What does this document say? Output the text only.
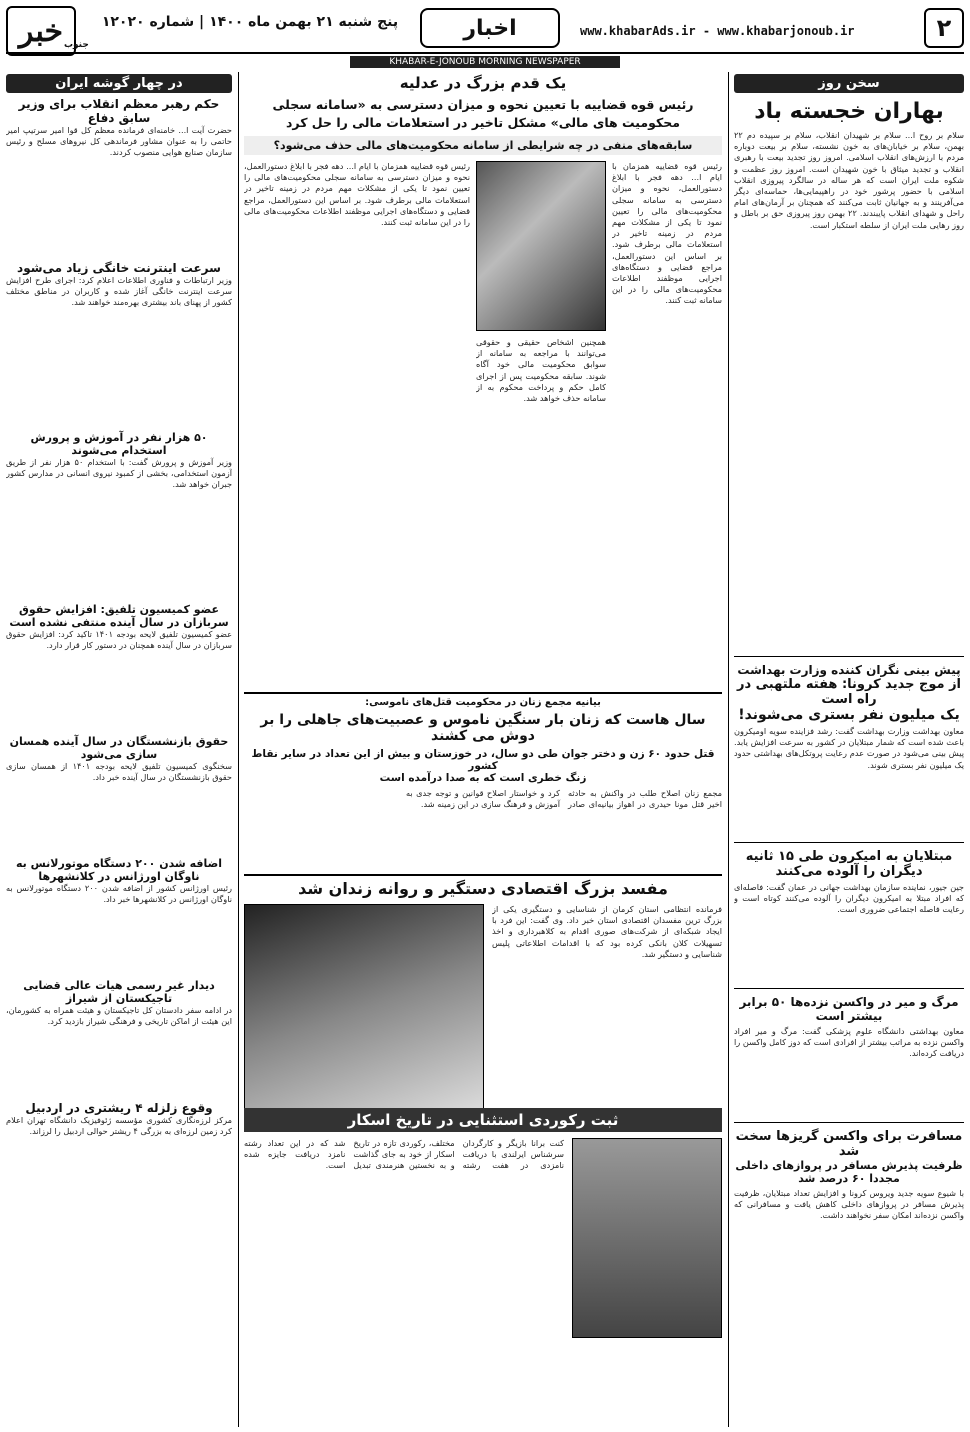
خبر جنوب
پنج شنبه ۲۱ بهمن ماه ۱۴۰۰ | شماره ۱۲۰۲۰	اخبار	www.khabarAds.ir - www.khabarjonoub.ir	۲
KHABAR-E-JONOUB MORNING NEWSPAPER
سخن روز
بهاران خجسته باد
سلام بر روح ا... سلام بر شهیدان انقلاب، سلام بر سپیده دم ۲۲ بهمن، سلام بر خیابان‌های به خون نشسته، سلام بر بیعت دوباره مردم با ارزش‌های انقلاب اسلامی. امروز روز تجدید بیعت با رهبری انقلاب و تجدید میثاق با خون شهیدان است. امروز روز عظمت و شکوه ملت ایران است که هر ساله در سالگرد پیروزی انقلاب اسلامی با حضور پرشور خود در راهپیمایی‌ها، حماسه‌ای دیگر می‌آفرینند و به جهانیان ثابت می‌کنند که همچنان بر آرمان‌های امام راحل و شهدای انقلاب پایبندند. ۲۲ بهمن روز پیروزی حق بر باطل و روز رهایی ملت ایران از سلطه استکبار است.
پیش بینی نگران کننده وزارت بهداشت
از موج جدید کرونا: هفته ملتهبی در راه است
یک میلیون نفر بستری می‌شوند!
معاون بهداشت وزارت بهداشت گفت: رشد فزاینده سویه اومیکرون باعث شده است که شمار مبتلایان در کشور به سرعت افزایش یابد. پیش بینی می‌شود در صورت عدم رعایت پروتکل‌های بهداشتی حدود یک میلیون نفر بستری شوند.
مبتلایان به امیکرون طی ۱۵ ثانیه
دیگران را آلوده می‌کنند
جین جیور، نماینده سازمان بهداشت جهانی در عمان گفت: فاصله‌ای که افراد مبتلا به امیکرون دیگران را آلوده می‌کنند کوتاه است و رعایت فاصله اجتماعی ضروری است.
مرگ و میر در واکسن نزده‌ها ۵۰ برابر بیشتر است
معاون بهداشتی دانشگاه علوم پزشکی گفت: مرگ و میر افراد واکسن نزده به مراتب بیشتر از افرادی است که دوز کامل واکسن را دریافت کرده‌اند.
مسافرت برای واکسن گریزها سخت شد
ظرفیت پذیرش مسافر در پروازهای داخلی مجددا ۶۰ درصد شد
با شیوع سویه جدید ویروس کرونا و افزایش تعداد مبتلایان، ظرفیت پذیرش مسافر در پروازهای داخلی کاهش یافت و مسافرانی که واکسن نزده‌اند امکان سفر نخواهند داشت.
یک قدم بزرگ در عدلیه
رئیس قوه قضاییه با تعیین نحوه و میزان دسترسی به «سامانه سجلی محکومیت های مالی» مشکل تاخیر در استعلامات مالی را حل کرد
سابقه‌های منفی در چه شرایطی از سامانه محکومیت‌های مالی حذف می‌شود؟
رئیس قوه قضاییه همزمان با ایام ا... دهه فجر با ابلاغ دستورالعمل، نحوه و میزان دسترسی به سامانه سجلی محکومیت‌های مالی را تعیین نمود تا یکی از مشکلات مهم مردم در زمینه تاخیر در استعلامات مالی برطرف شود. بر اساس این دستورالعمل، مراجع قضایی و دستگاه‌های اجرایی موظفند اطلاعات محکومیت‌های مالی را در این سامانه ثبت کنند.
همچنین اشخاص حقیقی و حقوقی می‌توانند با مراجعه به سامانه از سوابق محکومیت مالی خود آگاه شوند. سابقه محکومیت پس از اجرای کامل حکم و پرداخت محکوم به از سامانه حذف خواهد شد.
رئیس قوه قضاییه همزمان با ایام ا... دهه فجر با ابلاغ دستورالعمل، نحوه و میزان دسترسی به سامانه سجلی محکومیت‌های مالی را تعیین نمود تا یکی از مشکلات مهم مردم در زمینه تاخیر در استعلامات مالی برطرف شود. بر اساس این دستورالعمل، مراجع قضایی و دستگاه‌های اجرایی موظفند اطلاعات محکومیت‌های مالی را در این سامانه ثبت کنند.
بیانیه مجمع زنان در محکومیت قتل‌های ناموسی:
سال هاست که زنان بار سنگین ناموس و عصبیت‌های جاهلی را بر دوش می کشند
قتل حدود ۶۰ زن و دختر جوان طی دو سال، در خوزستان و بیش از این تعداد در سایر نقاط کشور
زنگ خطری است که به صدا درآمده است
مجمع زنان اصلاح طلب در واکنش به حادثه اخیر قتل مونا حیدری در اهواز بیانیه‌ای صادر کرد و خواستار اصلاح قوانین و توجه جدی به آموزش و فرهنگ سازی در این زمینه شد.
مفسد بزرگ اقتصادی دستگیر و روانه زندان شد
فرمانده انتظامی استان کرمان از شناسایی و دستگیری یکی از بزرگ ترین مفسدان اقتصادی استان خبر داد. وی گفت: این فرد با ایجاد شبکه‌ای از شرکت‌های صوری اقدام به کلاهبرداری و اخذ تسهیلات کلان بانکی کرده بود که با اقدامات اطلاعاتی پلیس شناسایی و دستگیر شد.
ثبت رکوردی استثنایی در تاریخ اسکار
کنت برانا بازیگر و کارگردان سرشناس ایرلندی با دریافت نامزدی در هفت رشته مختلف، رکوردی تازه در تاریخ اسکار از خود به جای گذاشت و به نخستین هنرمندی تبدیل شد که در این تعداد رشته نامزد دریافت جایزه شده است.
در چهار گوشه ایران
حکم رهبر معظم انقلاب برای وزیر سابق دفاع
حضرت آیت ا... خامنه‌ای فرمانده معظم کل قوا امیر سرتیپ امیر حاتمی را به عنوان مشاور فرماندهی کل نیروهای مسلح و رئیس سازمان صنایع هوایی منصوب کردند.
سرعت اینترنت خانگی زیاد می‌شود
وزیر ارتباطات و فناوری اطلاعات اعلام کرد: اجرای طرح افزایش سرعت اینترنت خانگی آغاز شده و کاربران در مناطق مختلف کشور از پهنای باند بیشتری بهره‌مند خواهند شد.
۵۰ هزار نفر در آموزش و پرورش استخدام می‌شوند
وزیر آموزش و پرورش گفت: با استخدام ۵۰ هزار نفر از طریق آزمون استخدامی، بخشی از کمبود نیروی انسانی در مدارس کشور جبران خواهد شد.
عضو کمیسیون تلفیق: افزایش حقوق سربازان در سال آینده منتفی نشده است
عضو کمیسیون تلفیق لایحه بودجه ۱۴۰۱ تاکید کرد: افزایش حقوق سربازان در سال آینده همچنان در دستور کار قرار دارد.
حقوق بازنشستگان در سال آینده همسان سازی می‌شود
سخنگوی کمیسیون تلفیق لایحه بودجه ۱۴۰۱ از همسان سازی حقوق بازنشستگان در سال آینده خبر داد.
اضافه شدن ۲۰۰ دستگاه موتورلانس به ناوگان اورژانس در کلانشهرها
رئیس اورژانس کشور از اضافه شدن ۲۰۰ دستگاه موتورلانس به ناوگان اورژانس در کلانشهرها خبر داد.
دیدار غیر رسمی هیات عالی قضایی تاجیکستان از شیراز
در ادامه سفر دادستان کل تاجیکستان و هیئت همراه به کشورمان، این هیئت از اماکن تاریخی و فرهنگی شیراز بازدید کرد.
وقوع زلزله ۴ ریشتری در اردبیل
مرکز لرزه‌نگاری کشوری مؤسسه ژئوفیزیک دانشگاه تهران اعلام کرد زمین لرزه‌ای به بزرگی ۴ ریشتر حوالی اردبیل را لرزاند.
